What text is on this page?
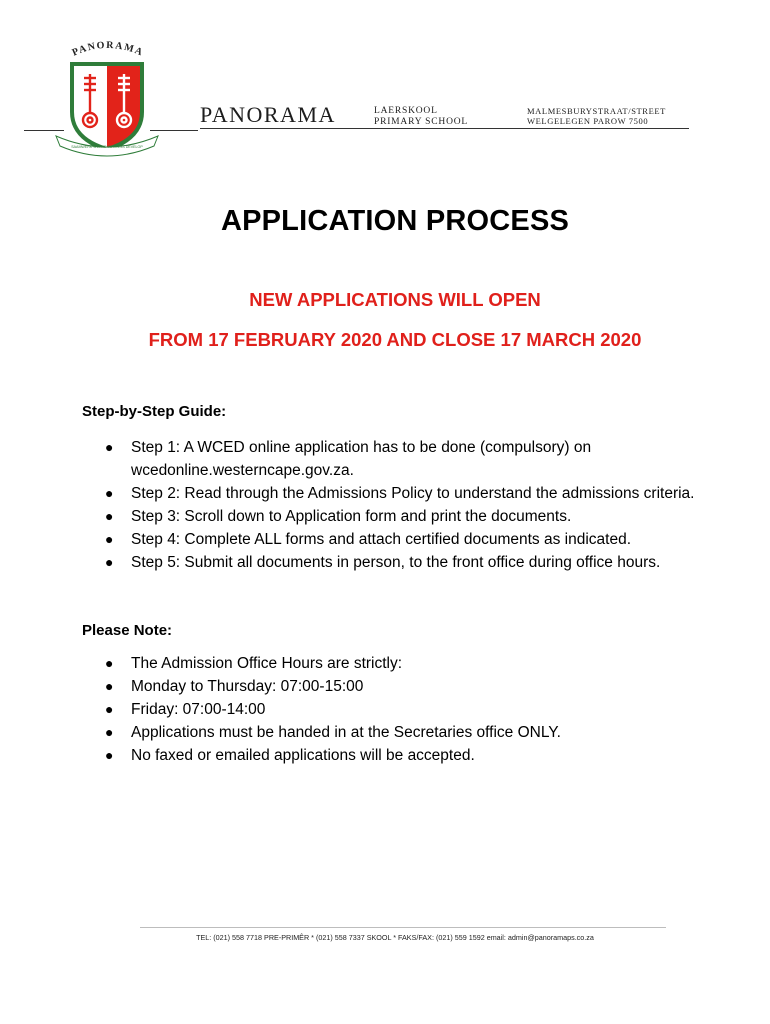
PANORAMA
SAAMWERK WERKE SUCCESS DEVELOP
PANORAMA	LAERSKOOL
PRIMARY SCHOOL
MALMESBURYSTRAAT/STREET
WELGELEGEN PAROW 7500
APPLICATION PROCESS
NEW APPLICATIONS WILL OPEN
FROM 17 FEBRUARY 2020 AND CLOSE 17 MARCH 2020
Step-by-Step Guide:
● Step 1: A WCED online application has to be done (compulsory) on wcedonline.westerncape.gov.za.
● Step 2: Read through the Admissions Policy to understand the admissions criteria.
● Step 3: Scroll down to Application form and print the documents.
● Step 4: Complete ALL forms and attach certified documents as indicated.
● Step 5: Submit all documents in person, to the front office during office hours.
Please Note:
● The Admission Office Hours are strictly:
● Monday to Thursday: 07:00-15:00
● Friday: 07:00-14:00
● Applications must be handed in at the Secretaries office ONLY.
● No faxed or emailed applications will be accepted.
TEL: (021) 558 7718 PRE-PRIMÊR * (021) 558 7337 SKOOL * FAKS/FAX: (021) 559 1592 email: admin@panoramaps.co.za
